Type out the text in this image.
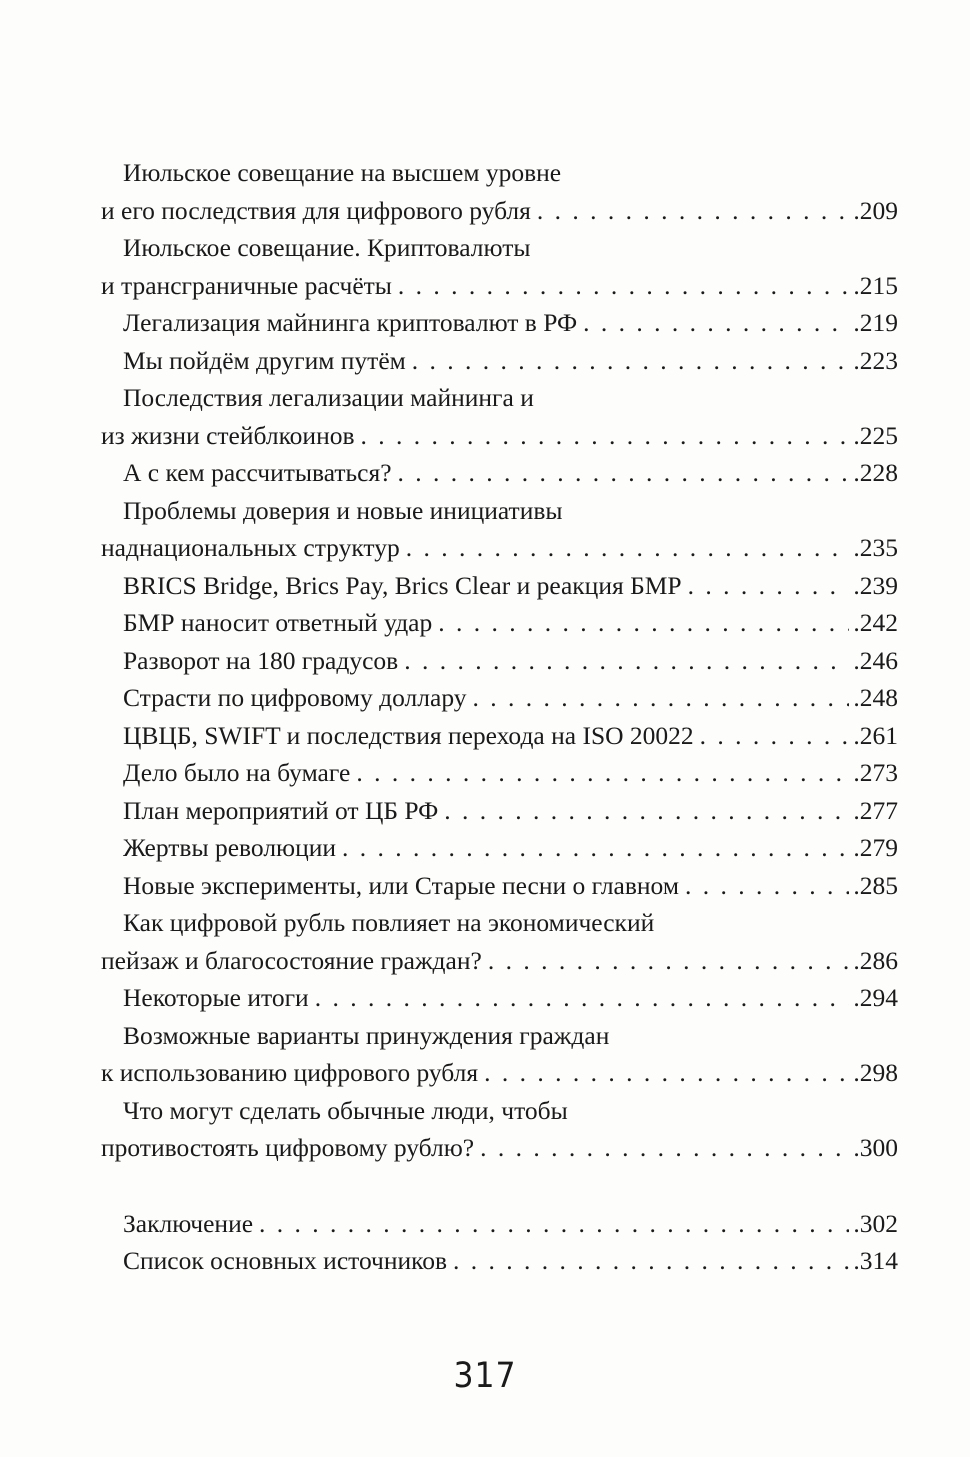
Июльское совещание на высшем уровне
и его последствия для цифрового рубля . . .	.209
Июльское совещание. Криптовалюты
и трансграничные расчёты . . .	.215
Легализация майнинга криптовалют в РФ . . .	.219
Мы пойдём другим путём . . .	.223
Последствия легализации майнинга и
из жизни стейблкоинов . . .	.225
А с кем рассчитываться? . . .	.228
Проблемы доверия и новые инициативы
наднациональных структур . . .	.235
BRICS Bridge, Brics Pay, Brics Clear и реакция БМР . . .	.239
БМР наносит ответный удар . . .	.242
Разворот на 180 градусов . . .	.246
Страсти по цифровому доллару . . .	.248
ЦВЦБ, SWIFT и последствия перехода на ISO 20022 . . .	.261
Дело было на бумаге . . .	.273
План мероприятий от ЦБ РФ . . .	.277
Жертвы революции . . .	.279
Новые эксперименты, или Старые песни о главном . . .	.285
Как цифровой рубль повлияет на экономический
пейзаж и благосостояние граждан? . . .	.286
Некоторые итоги . . .	.294
Возможные варианты принуждения граждан
к использованию цифрового рубля . . .	.298
Что могут сделать обычные люди, чтобы
противостоять цифровому рублю? . . .	.300
Заключение . . .	.302
Список основных источников . . .	.314
317
